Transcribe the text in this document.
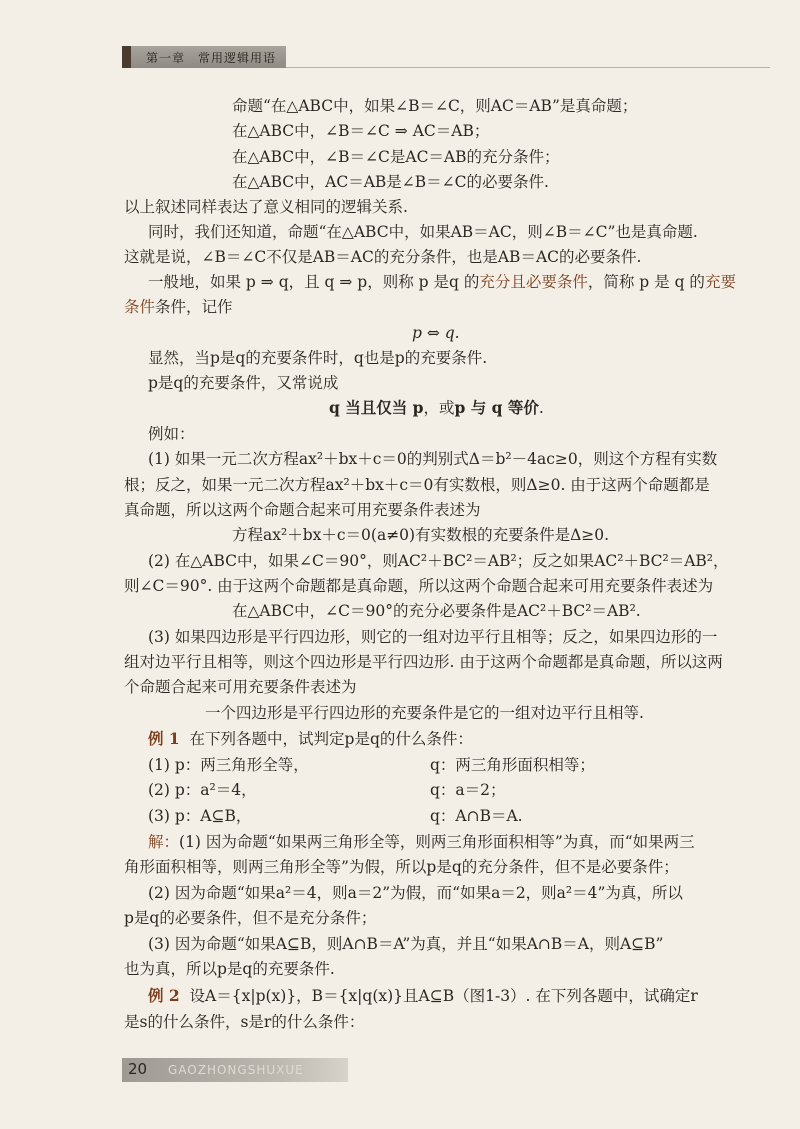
第一章　常用逻辑用语
命题“在△ABC中，如果∠B＝∠C，则AC＝AB”是真命题；
在△ABC中，∠B＝∠C ⇒ AC＝AB；
在△ABC中，∠B＝∠C是AC＝AB的充分条件；
在△ABC中，AC＝AB是∠B＝∠C的必要条件.
以上叙述同样表达了意义相同的逻辑关系.
同时，我们还知道，命题“在△ABC中，如果AB＝AC，则∠B＝∠C”也是真命题.
这就是说，∠B＝∠C不仅是AB＝AC的充分条件，也是AB＝AC的必要条件.
一般地，如果 p ⇒ q，且 q ⇒ p，则称 p 是q 的充分且必要条件，简称 p 是 q 的充要
条件条件，记作
p ⇔ q.
显然，当p是q的充要条件时，q也是p的充要条件.
p是q的充要条件，又常说成
q 当且仅当 p，或p 与 q 等价.
例如：
(1) 如果一元二次方程ax²＋bx＋c＝0的判别式Δ＝b²－4ac≥0，则这个方程有实数
根；反之，如果一元二次方程ax²＋bx＋c＝0有实数根，则Δ≥0. 由于这两个命题都是
真命题，所以这两个命题合起来可用充要条件表述为
方程ax²＋bx＋c＝0(a≠0)有实数根的充要条件是Δ≥0.
(2) 在△ABC中，如果∠C＝90°，则AC²＋BC²＝AB²；反之如果AC²＋BC²＝AB²，
则∠C＝90°. 由于这两个命题都是真命题，所以这两个命题合起来可用充要条件表述为
在△ABC中，∠C＝90°的充分必要条件是AC²＋BC²＝AB².
(3) 如果四边形是平行四边形，则它的一组对边平行且相等；反之，如果四边形的一
组对边平行且相等，则这个四边形是平行四边形. 由于这两个命题都是真命题，所以这两
个命题合起来可用充要条件表述为
一个四边形是平行四边形的充要条件是它的一组对边平行且相等.
例 1 在下列各题中，试判定p是q的什么条件：
(1) p：两三角形全等，	q：两三角形面积相等；
(2) p：a²＝4，	q：a＝2；
(3) p：A⊆B，	q：A∩B＝A.
解：(1) 因为命题“如果两三角形全等，则两三角形面积相等”为真，而“如果两三
角形面积相等，则两三角形全等”为假，所以p是q的充分条件，但不是必要条件；
(2) 因为命题“如果a²＝4，则a＝2”为假，而“如果a＝2，则a²＝4”为真，所以
p是q的必要条件，但不是充分条件；
(3) 因为命题“如果A⊆B，则A∩B＝A”为真，并且“如果A∩B＝A，则A⊆B”
也为真，所以p是q的充要条件.
例 2 设A＝{x|p(x)}，B＝{x|q(x)}且A⊆B（图1-3）. 在下列各题中，试确定r
是s的什么条件，s是r的什么条件：
20 GAOZHONGSHUXUE
